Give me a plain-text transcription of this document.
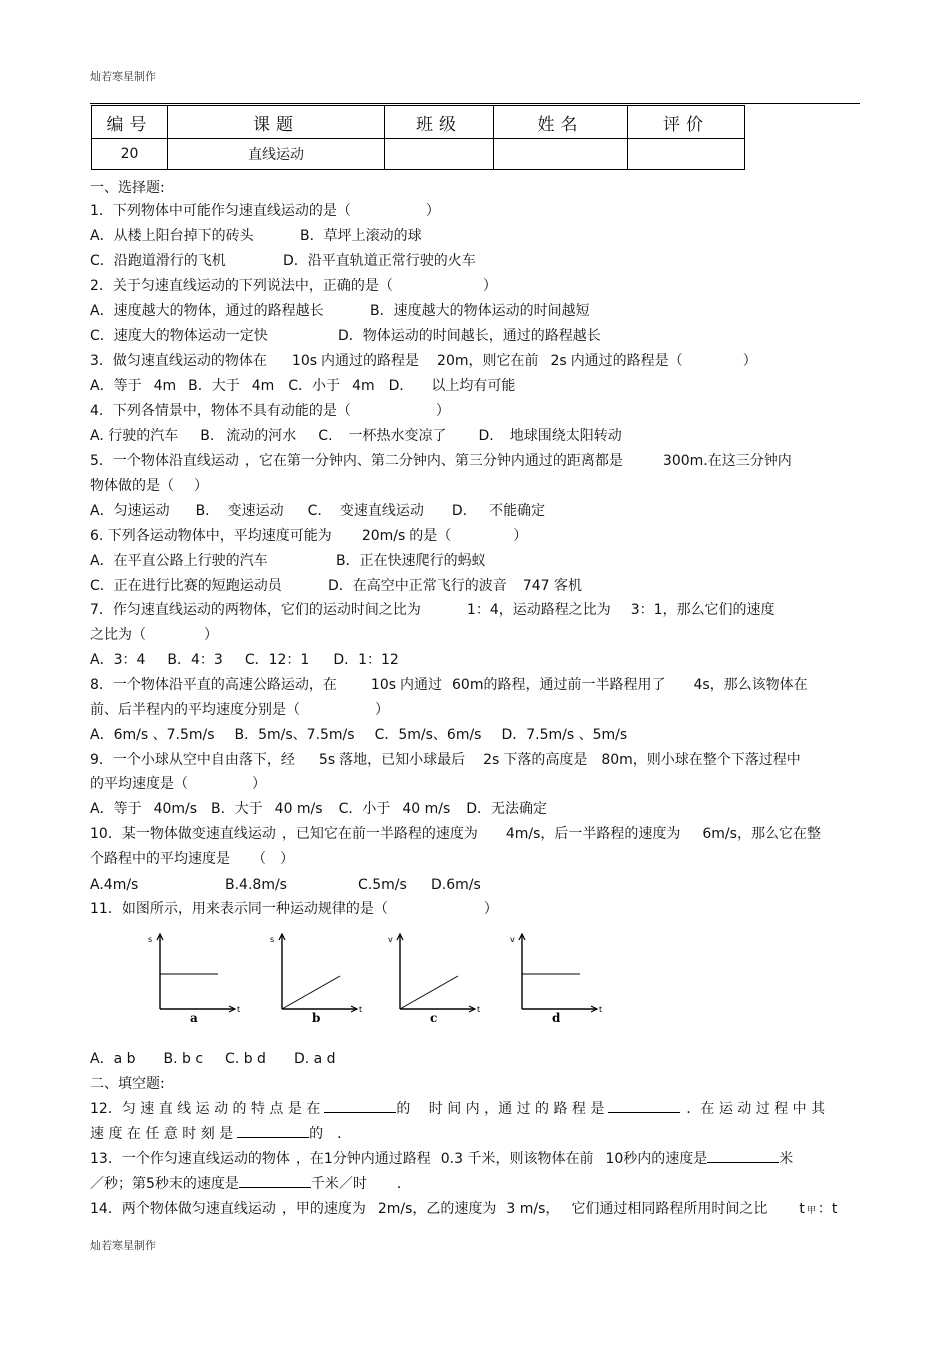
灿若寒星制作
编号	课题	班级	姓名	评价
20	直线运动			
一、选择题:
1．下列物体中可能作匀速直线运动的是（	）
A．从楼上阳台掉下的砖头	B．草坪上滚动的球
C．沿跑道滑行的飞机	D．沿平直轨道正常行驶的火车
2．关于匀速直线运动的下列说法中，正确的是（	）
A．速度越大的物体，通过的路程越长	B．速度越大的物体运动的时间越短
C．速度大的物体运动一定快	D．物体运动的时间越长，通过的路程越长
3．做匀速直线运动的物体在 10s 内通过的路程是 20m，则它在前 2s 内通过的路程是（	）
A．等于 4m B．大于 4m C．小于 4m D． 以上均有可能
4．下列各情景中，物体不具有动能的是（	）
A. 行驶的汽车 B. 流动的河水 C. 一杯热水变凉了 D. 地球围绕太阳转动
5．一个物体沿直线运动 ，它在第一分钟内、第二分钟内、第三分钟内通过的距离都是	300m.在这三分钟内
物体做的是（ ）
A．匀速运动 B. 变速运动 C. 变速直线运动 D. 不能确定
6. 下列各运动物体中，平均速度可能为 20m/s 的是（	）
A．在平直公路上行驶的汽车	B．正在快速爬行的蚂蚁
C．正在进行比赛的短跑运动员	D．在高空中正常飞行的波音 747 客机
7．作匀速直线运动的两物体，它们的运动时间之比为	1：4，运动路程之比为 3：1，那么它们的速度
之比为（	）
A．3：4 B．4：3 C．12：1 D．1：12
8．一个物体沿平直的高速公路运动，在 10s 内通过 60m的路程，通过前一半路程用了 4s，那么该物体在
前、后半程内的平均速度分别是（	）
A．6m/s 、7.5m/s B．5m/s、7.5m/s C．5m/s、6m/s D．7.5m/s 、5m/s
9．一个小球从空中自由落下，经 5s 落地，已知小球最后 2s 下落的高度是 80m，则小球在整个下落过程中
的平均速度是（	）
A．等于 40m/s B．大于 40 m/s C．小于 40 m/s D．无法确定
10．某一物体做变速直线运动 ，已知它在前一半路程的速度为 4m/s，后一半路程的速度为 6m/s，那么它在整
个路程中的平均速度是 （　）
A.4m/s	B.4.8m/s	C.5m/s D.6m/s
11．如图所示，用来表示同一种运动规律的是（	）
s
t
a
s
t
b
v
t
c
v
t
d
A．a b B. b c C. b d D. a d
二、填空题:
12．匀 速 直 线 运 动 的 特 点 是 在	的 　时 间 内 ，通 过 的 路 程 是	．在 运 动 过 程 中 其
速 度 在 任 意 时 刻 是	的　．
13．一个作匀速直线运动的物体 ，在1分钟内通过路程 0.3 千米，则该物体在前 10秒内的速度是	米
／秒；第5秒末的速度是	千米／时 ．
14．两个物体做匀速直线运动 ，甲的速度为 2m/s，乙的速度为 3 m/s， 它们通过相同路程所用时间之比 t 甲 ：t
灿若寒星制作
